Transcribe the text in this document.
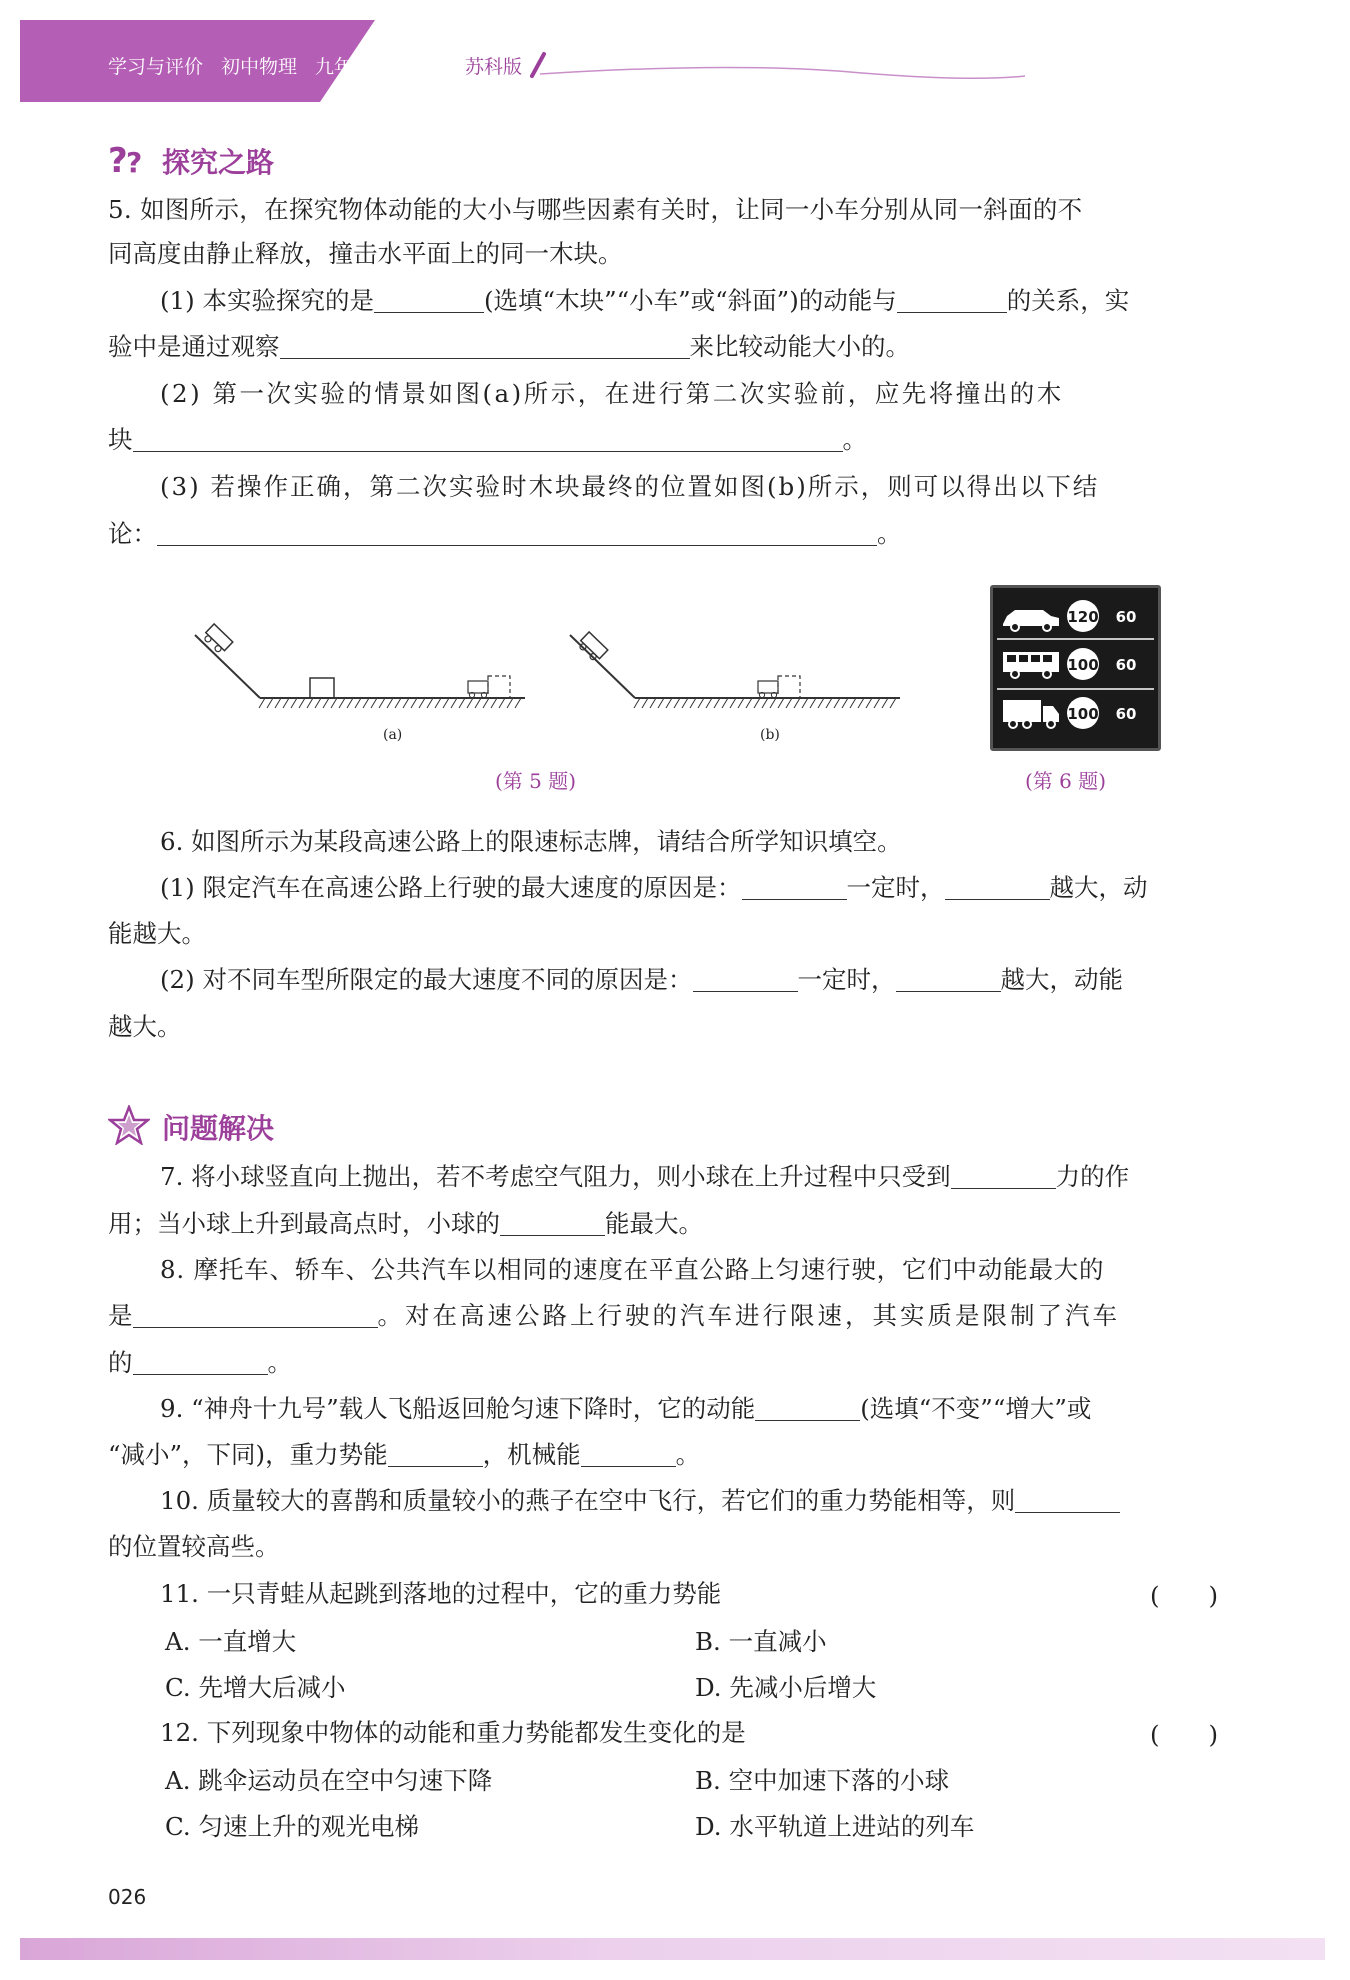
学习与评价 初中物理 九年级上册	苏科版
?
? 探究之路
5. 如图所示，在探究物体动能的大小与哪些因素有关时，让同一小车分别从同一斜面的不
同高度由静止释放，撞击水平面上的同一木块。
(1) 本实验探究的是	(选填“木块”“小车”或“斜面”)的动能与	的关系，实
验中是通过观察	来比较动能大小的。
(2) 第一次实验的情景如图(a)所示，在进行第二次实验前，应先将撞出的木
块	。
(3) 若操作正确，第二次实验时木块最终的位置如图(b)所示，则可以得出以下结
论：	。
(a)	(b)
(第 5 题)
120 60
100 60
100 60
(第 6 题)
6. 如图所示为某段高速公路上的限速标志牌，请结合所学知识填空。
(1) 限定汽车在高速公路上行驶的最大速度的原因是：	一定时，	越大，动
能越大。
(2) 对不同车型所限定的最大速度不同的原因是：	一定时，	越大，动能
越大。
问题解决
7. 将小球竖直向上抛出，若不考虑空气阻力，则小球在上升过程中只受到	力的作
用；当小球上升到最高点时，小球的	能最大。
8. 摩托车、轿车、公共汽车以相同的速度在平直公路上匀速行驶，它们中动能最大的
是	。对在高速公路上行驶的汽车进行限速，其实质是限制了汽车
的	。
9. “神舟十九号”载人飞船返回舱匀速下降时，它的动能	(选填“不变”“增大”或
“减小”，下同)，重力势能	，机械能	。
10. 质量较大的喜鹊和质量较小的燕子在空中飞行，若它们的重力势能相等，则
的位置较高些。
11. 一只青蛙从起跳到落地的过程中，它的重力势能	(　　)
A. 一直增大	B. 一直减小
C. 先增大后减小	D. 先减小后增大
12. 下列现象中物体的动能和重力势能都发生变化的是	(　　)
A. 跳伞运动员在空中匀速下降	B. 空中加速下落的小球
C. 匀速上升的观光电梯	D. 水平轨道上进站的列车
026
